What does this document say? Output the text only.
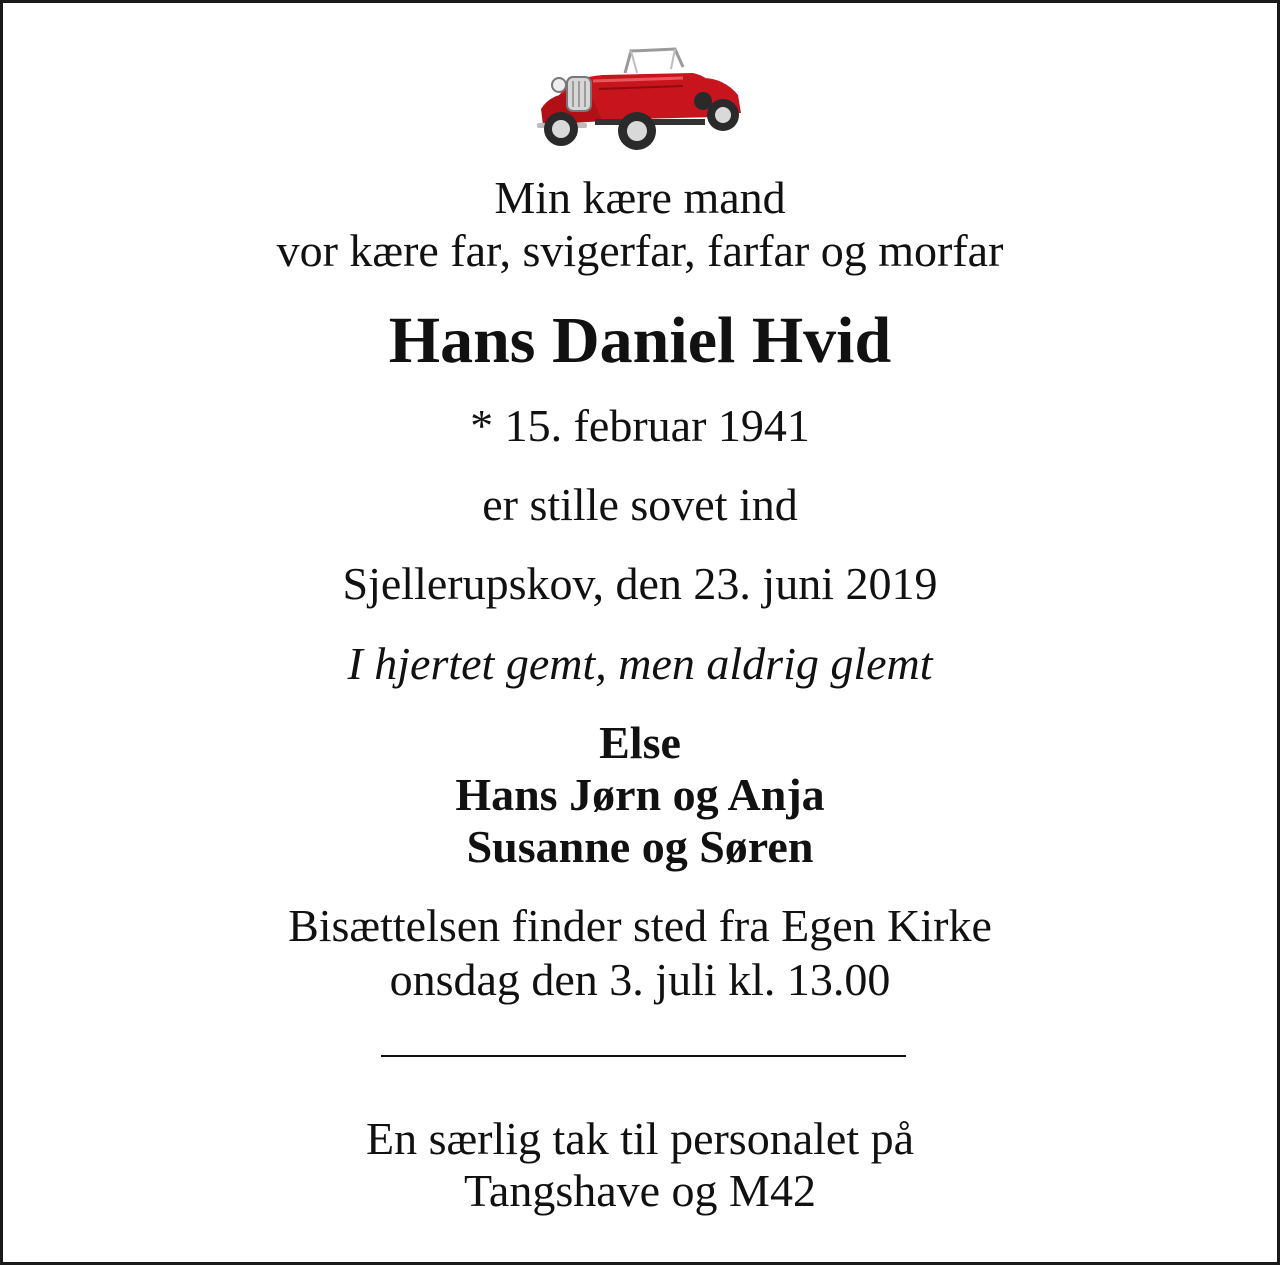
Min kære mand
vor kære far, svigerfar, farfar og morfar

Hans Daniel Hvid

* 15. februar 1941

er stille sovet ind

Sjellerupskov, den 23. juni 2019

I hjertet gemt, men aldrig glemt

Else
Hans Jørn og Anja
Susanne og Søren

Bisættelsen finder sted fra Egen Kirke
onsdag den 3. juli kl. 13.00

En særlig tak til personalet på
Tangshave og M42
